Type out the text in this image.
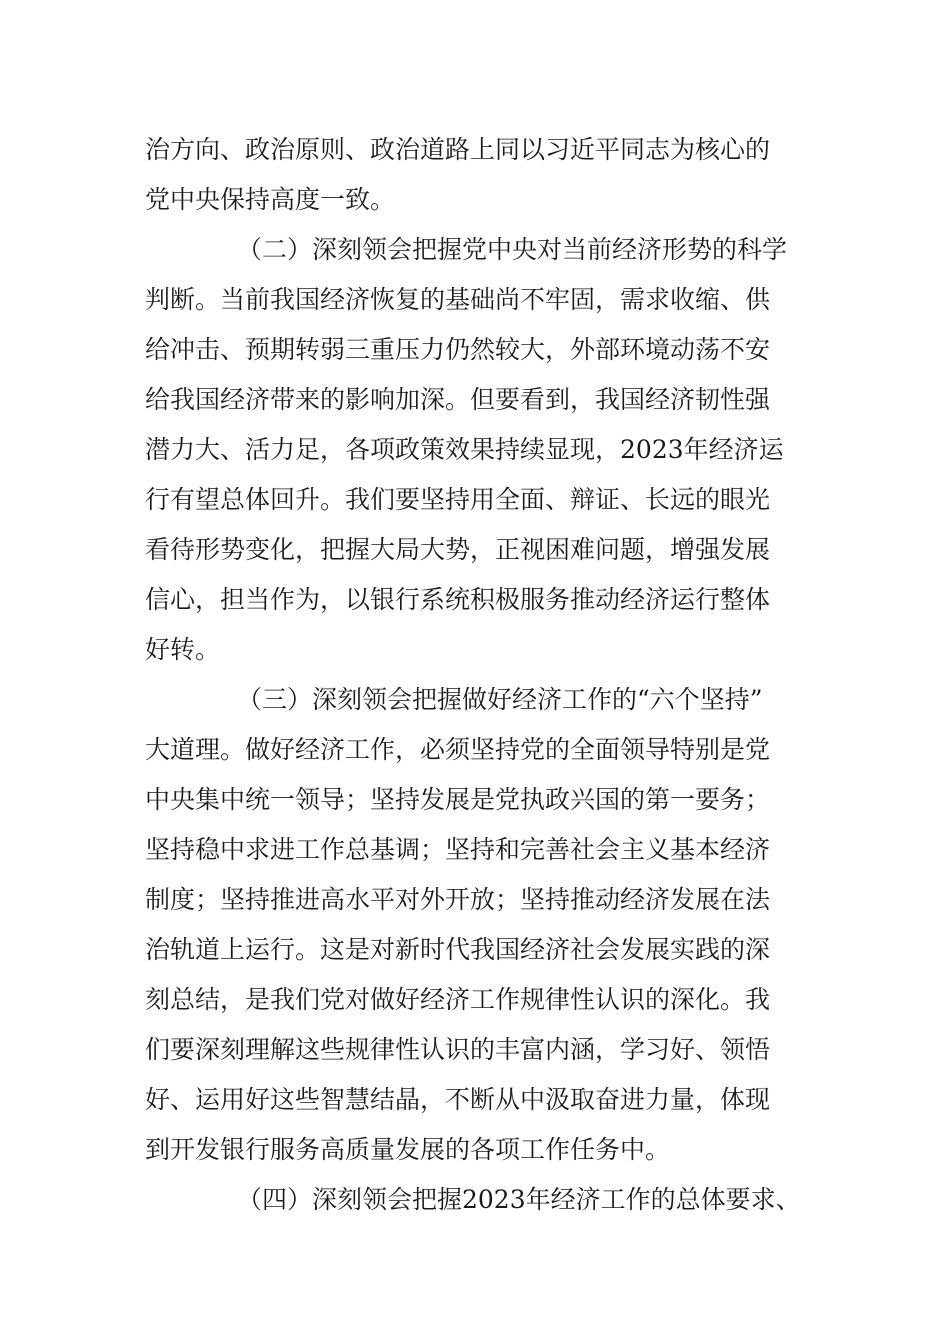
治方向、政治原则、政治道路上同以习近平同志为核心的
党中央保持高度一致。
（二）深刻领会把握党中央对当前经济形势的科学
判断。当前我国经济恢复的基础尚不牢固，需求收缩、供
给冲击、预期转弱三重压力仍然较大，外部环境动荡不安
给我国经济带来的影响加深。但要看到，我国经济韧性强
潜力大、活力足，各项政策效果持续显现，2023年经济运
行有望总体回升。我们要坚持用全面、辩证、长远的眼光
看待形势变化，把握大局大势，正视困难问题，增强发展
信心，担当作为，以银行系统积极服务推动经济运行整体
好转。
（三）深刻领会把握做好经济工作的“六个坚持”
大道理。做好经济工作，必须坚持党的全面领导特别是党
中央集中统一领导；坚持发展是党执政兴国的第一要务；
坚持稳中求进工作总基调；坚持和完善社会主义基本经济
制度；坚持推进高水平对外开放；坚持推动经济发展在法
治轨道上运行。这是对新时代我国经济社会发展实践的深
刻总结，是我们党对做好经济工作规律性认识的深化。我
们要深刻理解这些规律性认识的丰富内涵，学习好、领悟
好、运用好这些智慧结晶，不断从中汲取奋进力量，体现
到开发银行服务高质量发展的各项工作任务中。
（四）深刻领会把握2023年经济工作的总体要求、
